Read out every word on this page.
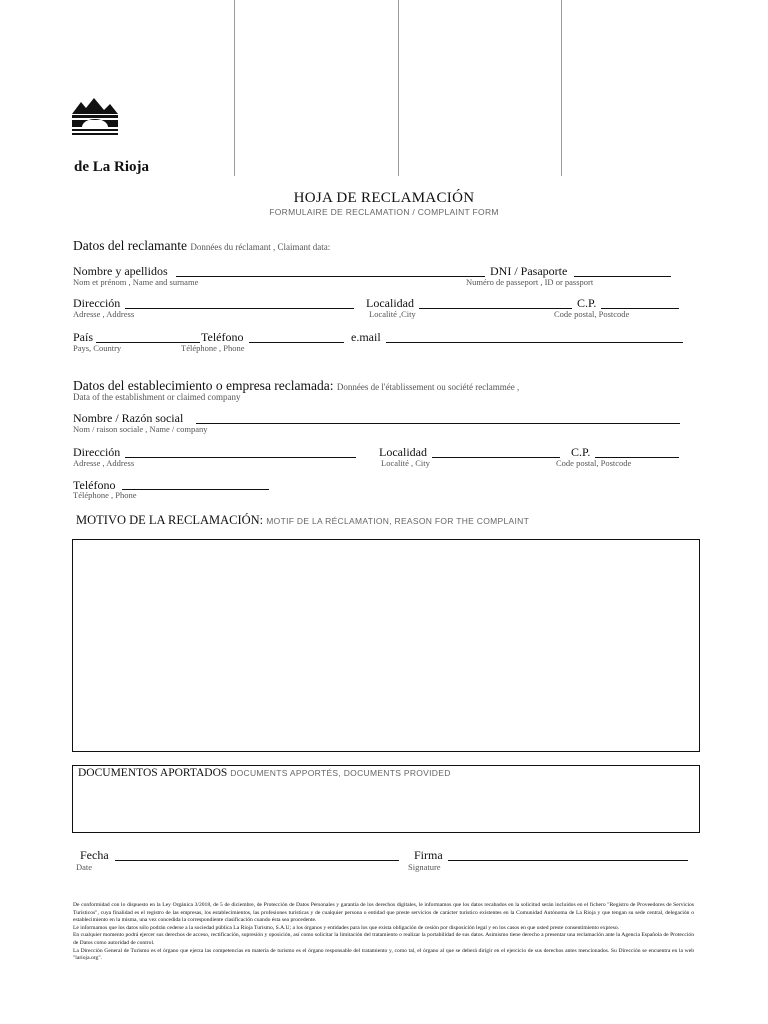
de La Rioja
HOJA DE RECLAMACIÓN
FORMULAIRE DE RECLAMATION / COMPLAINT FORM
Datos del reclamante Données du réclamant , Claimant data:
Nombre y apellidos
Nom et prénom , Name and surname
DNI / Pasaporte
Numéro de passeport , ID or passport
Dirección
Adresse , Address
Localidad
Localité ,City
C.P.
Code postal, Postcode
País
Pays, Country
Teléfono
Téléphone , Phone
e.mail
Datos del establecimiento o empresa reclamada: Données de l'établissement ou société reclammée ,
Data of the establishment or claimed company
Nombre / Razón social
Nom / raison sociale , Name / company
Dirección
Adresse , Address
Localidad
Localité , City
C.P.
Code postal, Postcode
Teléfono
Téléphone , Phone
MOTIVO DE LA RECLAMACIÓN: MOTIF DE LA RÉCLAMATION, REASON FOR THE COMPLAINT
DOCUMENTOS APORTADOS DOCUMENTS APPORTÉS, DOCUMENTS PROVIDED
Fecha
Date
Firma
Signature

De conformidad con lo dispuesto en la Ley Orgánica 3/2018, de 5 de diciembre, de Protección de Datos Personales y garantía de los derechos digitales, le informamos que los datos recabados en la solicitud serán incluidos en el fichero "Registro de Proveedores de Servicios Turísticos", cuya finalidad es el registro de las empresas, los establecimientos, las profesiones turísticas y de cualquier persona o entidad que preste servicios de carácter turístico existentes en la Comunidad Autónoma de La Rioja y que tengan su sede central, delegación o establecimiento en la misma, una vez concedida la correspondiente clasificación cuando ésta sea procedente.

Le informamos que los datos sólo podrán cederse a la sociedad pública La Rioja Turismo, S.A.U; a los órganos y entidades para los que exista obligación de cesión por disposición legal y en los casos en que usted preste consentimiento expreso.

En cualquier momento podrá ejercer sus derechos de acceso, rectificación, supresión y oposición, así como solicitar la limitación del tratamiento o realizar la portabilidad de sus datos. Asimismo tiene derecho a presentar una reclamación ante la Agencia Española de Protección de Datos como autoridad de control.

La Dirección General de Turismo es el órgano que ejerza las competencias en materia de turismo es el órgano responsable del tratamiento y, como tal, el órgano al que se deberá dirigir en el ejercicio de sus derechos antes mencionados. Su Dirección se encuentra en la web "larioja.org".
